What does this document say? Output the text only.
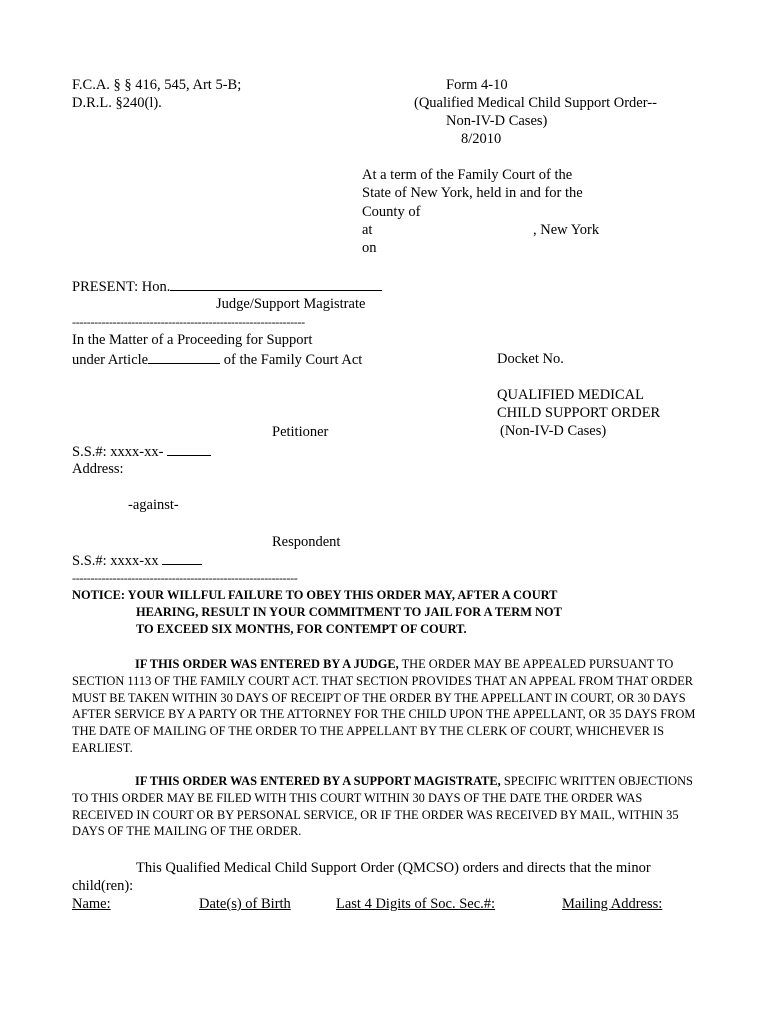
F.C.A. § § 416, 545, Art 5-B;
D.R.L. §240(l).
Form 4-10
(Qualified Medical Child Support Order--
Non-IV-D Cases)
8/2010
At a term of the Family Court of the
State of New York, held in and for the
County of
at	, New York
on
PRESENT: Hon.
Judge/Support Magistrate
---------------------------------------------------------------
In the Matter of a Proceeding for Support
under Article	of the Family Court Act	Docket No.
QUALIFIED MEDICAL
CHILD SUPPORT ORDER
(Non-IV-D Cases)
Petitioner
S.S.#: xxxx-xx-
Address:
-against-
Respondent
S.S.#: xxxx-xx
-------------------------------------------------------------
NOTICE: YOUR WILLFUL FAILURE TO OBEY THIS ORDER MAY, AFTER A COURT
HEARING, RESULT IN YOUR COMMITMENT TO JAIL FOR A TERM NOT
TO EXCEED SIX MONTHS, FOR CONTEMPT OF COURT.
IF THIS ORDER WAS ENTERED BY A JUDGE, THE ORDER MAY BE APPEALED PURSUANT TO SECTION 1113 OF THE FAMILY COURT ACT. THAT SECTION PROVIDES THAT AN APPEAL FROM THAT ORDER MUST BE TAKEN WITHIN 30 DAYS OF RECEIPT OF THE ORDER BY THE APPELLANT IN COURT, OR 30 DAYS AFTER SERVICE BY A PARTY OR THE ATTORNEY FOR THE CHILD UPON THE APPELLANT, OR 35 DAYS FROM THE DATE OF MAILING OF THE ORDER TO THE APPELLANT BY THE CLERK OF COURT, WHICHEVER IS EARLIEST.
IF THIS ORDER WAS ENTERED BY A SUPPORT MAGISTRATE, SPECIFIC WRITTEN OBJECTIONS TO THIS ORDER MAY BE FILED WITH THIS COURT WITHIN 30 DAYS OF THE DATE THE ORDER WAS RECEIVED IN COURT OR BY PERSONAL SERVICE, OR IF THE ORDER WAS RECEIVED BY MAIL, WITHIN 35 DAYS OF THE MAILING OF THE ORDER.
This Qualified Medical Child Support Order (QMCSO) orders and directs that the minor
child(ren):
Name:	Date(s) of Birth	Last 4 Digits of Soc. Sec.#:	Mailing Address:
